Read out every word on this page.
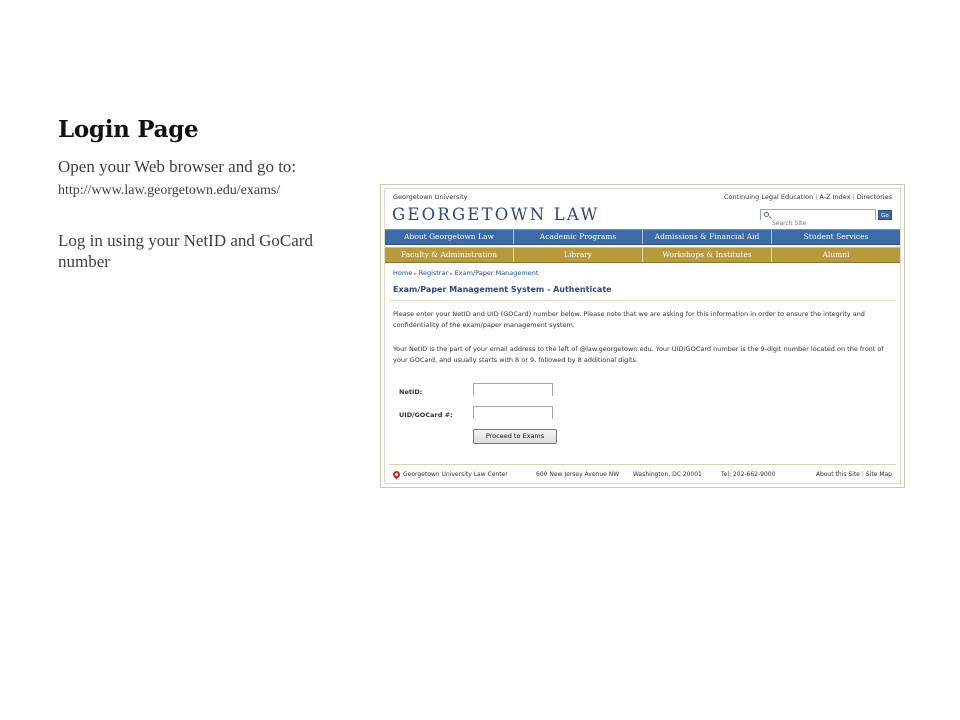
Login Page
Open your Web browser and go to:
http://www.law.georgetown.edu/exams/
Log in using your NetID and GoCard number
Georgetown University	Continuing Legal Education | A-Z Index | Directories
GEORGETOWN LAW
Search Site	Go
About Georgetown Law	Academic Programs	Admissions & Financial Aid	Student Services
Faculty & Administration	Library	Workshops & Institutes	Alumni
Home ▸ Registrar ▸ Exam/Paper Management
Exam/Paper Management System - Authenticate
Please enter your NetID and UID (GOCard) number below. Please note that we are asking for this information in order to ensure the integrity and confidentiality of the exam/paper management system.
Your NetID is the part of your email address to the left of @law.georgetown.edu. Your UID/GOCard number is the 9-digit number located on the front of your GOCard, and usually starts with 8 or 9, followed by 8 additional digits.
NetID:
UID/GOCard #:
Proceed to Exams
Georgetown University Law Center	600 New Jersey Avenue NW Washington, DC 20001	Tel: 202-662-9000	About this Site | Site Map
